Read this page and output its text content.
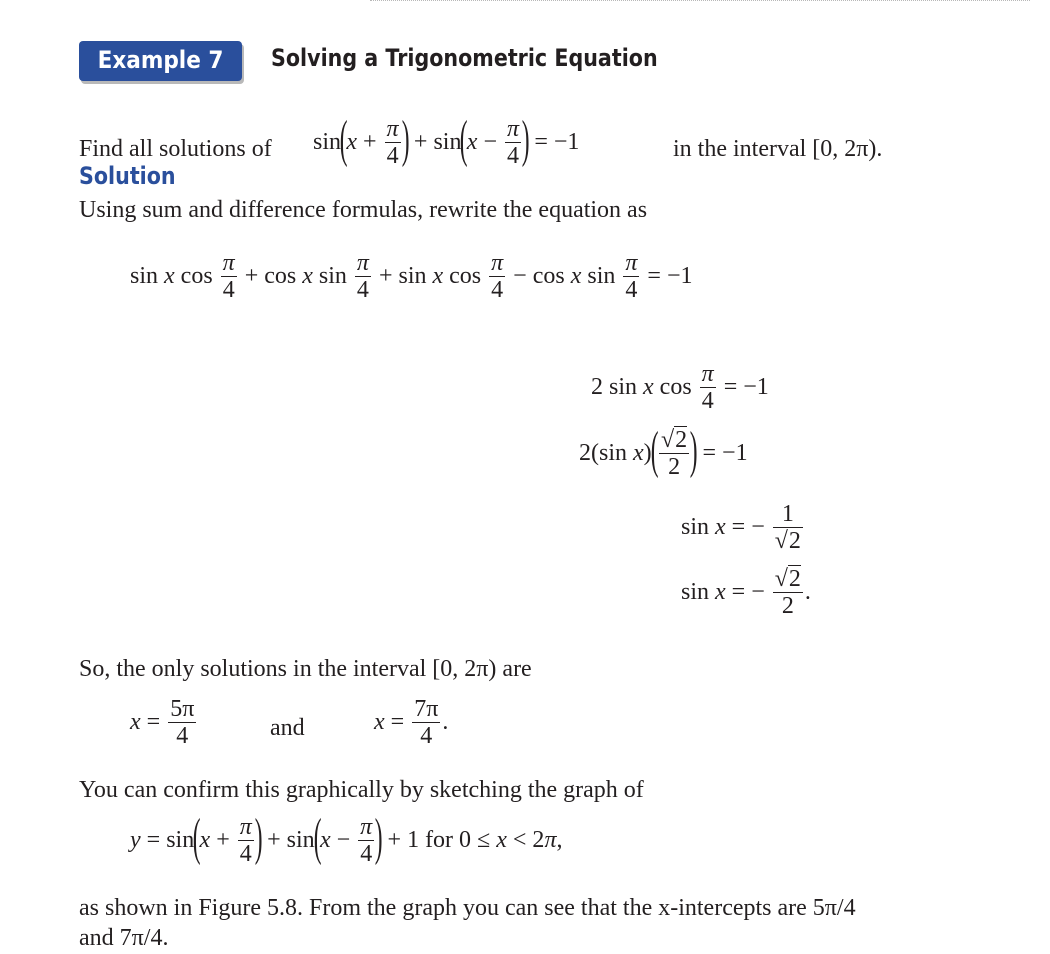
Example 7	Solving a Trigonometric Equation
Find all solutions of $\sin(x + \frac{\pi}{4}$ ) + $\sin(x - \frac{\pi}{4}$ ) = −1	in the interval [0, 2π).
Solution
Using sum and difference formulas, rewrite the equation as
sin x $\cos \frac{\pi}{4} + \cos x$ $\sin \frac{\pi}{4} + \sin x$ $\cos \frac{\pi}{4} - \cos x$ $\sin \frac{\pi}{4} = -1$
2 sin x $\cos \frac{\pi}{4} = -1$
2(sin $x)( \frac{√2}{2}$ ) = −1
sin x = − $\frac{1}{√2}$
sin x = − $\frac{√2}{2}$ .
So, the only solutions in the interval [0, 2π) are
$x = \frac{5\pi}{4}$	and	$x = \frac{7\pi}{4}$ .
You can confirm this graphically by sketching the graph of
$y = \sin(x + \frac{\pi}{4}$ ) + $\sin(x - \frac{\pi}{4}$ ) + 1 for 0 ≤ x < 2π,
as shown in Figure 5.8. From the graph you can see that the x-intercepts are 5π/4
and 7π/4.
